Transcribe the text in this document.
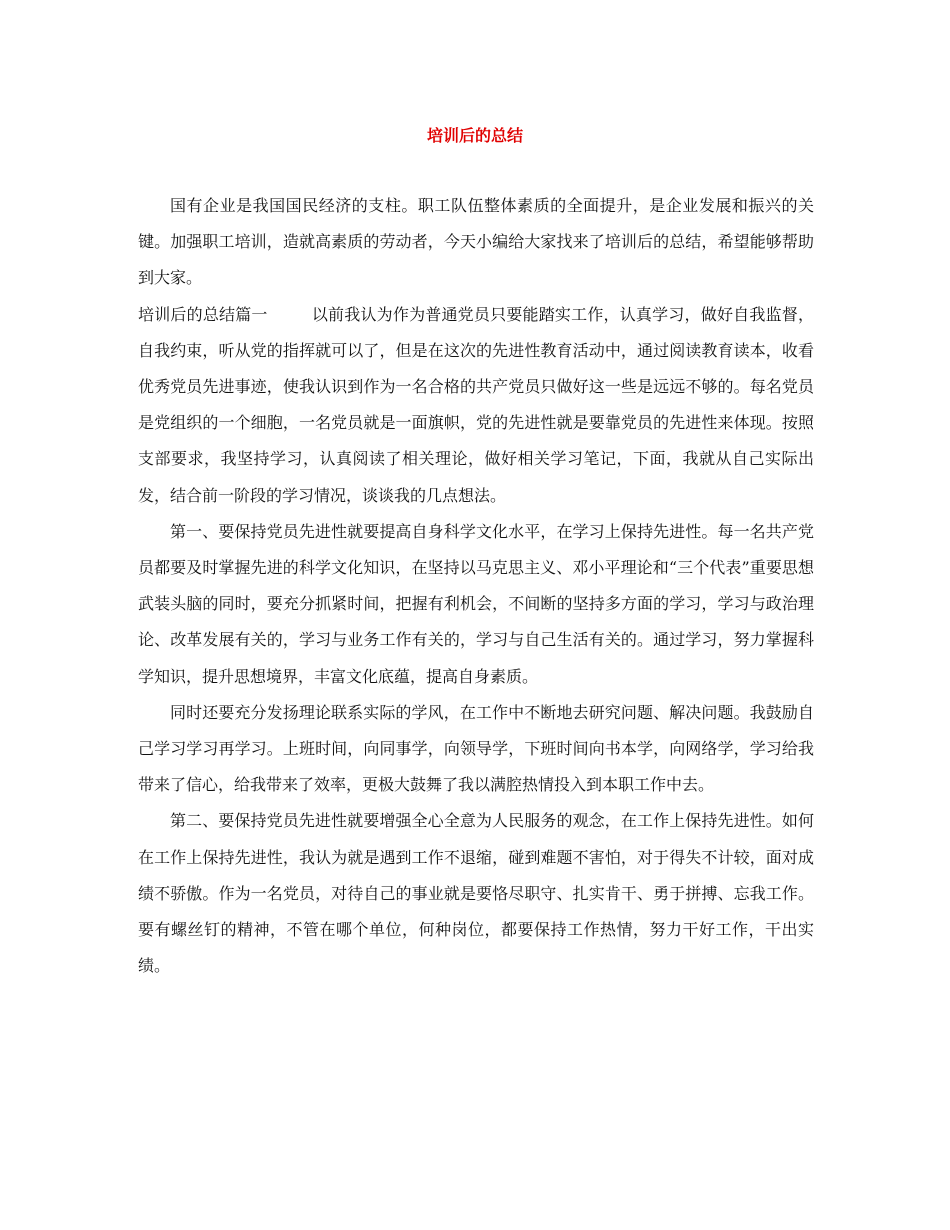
培训后的总结

国有企业是我国国民经济的支柱。职工队伍整体素质的全面提升，是企业发展和振兴的关键。加强职工培训，造就高素质的劳动者，今天小编给大家找来了培训后的总结，希望能够帮助到大家。

培训后的总结篇一	以前我认为作为普通党员只要能踏实工作，认真学习，做好自我监督，自我约束，听从党的指挥就可以了，但是在这次的先进性教育活动中，通过阅读教育读本，收看优秀党员先进事迹，使我认识到作为一名合格的共产党员只做好这一些是远远不够的。每名党员是党组织的一个细胞，一名党员就是一面旗帜，党的先进性就是要靠党员的先进性来体现。按照支部要求，我坚持学习，认真阅读了相关理论，做好相关学习笔记，下面，我就从自己实际出发，结合前一阶段的学习情况，谈谈我的几点想法。

第一、要保持党员先进性就要提高自身科学文化水平，在学习上保持先进性。每一名共产党员都要及时掌握先进的科学文化知识，在坚持以马克思主义、邓小平理论和“三个代表”重要思想武装头脑的同时，要充分抓紧时间，把握有利机会，不间断的坚持多方面的学习，学习与政治理论、改革发展有关的，学习与业务工作有关的，学习与自己生活有关的。通过学习，努力掌握科学知识，提升思想境界，丰富文化底蕴，提高自身素质。

同时还要充分发扬理论联系实际的学风，在工作中不断地去研究问题、解决问题。我鼓励自己学习学习再学习。上班时间，向同事学，向领导学，下班时间向书本学，向网络学，学习给我带来了信心，给我带来了效率，更极大鼓舞了我以满腔热情投入到本职工作中去。

第二、要保持党员先进性就要增强全心全意为人民服务的观念，在工作上保持先进性。如何在工作上保持先进性，我认为就是遇到工作不退缩，碰到难题不害怕，对于得失不计较，面对成绩不骄傲。作为一名党员，对待自己的事业就是要恪尽职守、扎实肯干、勇于拼搏、忘我工作。要有螺丝钉的精神，不管在哪个单位，何种岗位，都要保持工作热情，努力干好工作，干出实绩。
